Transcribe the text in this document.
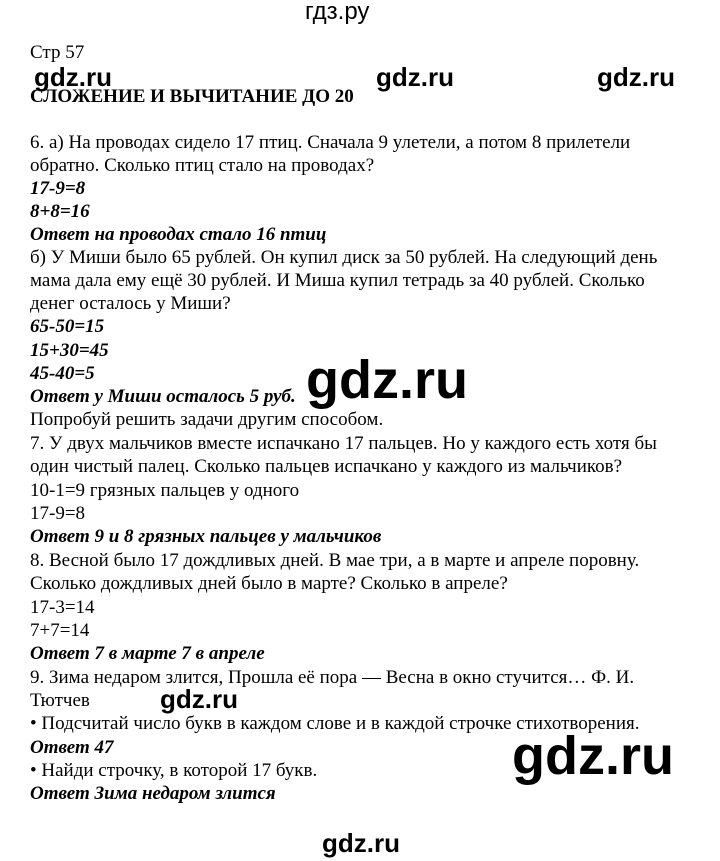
гдз.ру
Стр 57
gdz.ru	gdz.ru	gdz.ru
СЛОЖЕНИЕ И ВЫЧИТАНИЕ ДО 20
6. а) На проводах сидело 17 птиц. Сначала 9 улетели, а потом 8 прилетели
обратно. Сколько птиц стало на проводах?
17-9=8
8+8=16
Ответ на проводах стало 16 птиц
б) У Миши было 65 рублей. Он купил диск за 50 рублей. На следующий день
мама дала ему ещё 30 рублей. И Миша купил тетрадь за 40 рублей. Сколько
денег осталось у Миши?
65-50=15
15+30=45
45-40=5	gdz.ru
Ответ у Миши осталось 5 руб.
Попробуй решить задачи другим способом.
7. У двух мальчиков вместе испачкано 17 пальцев. Но у каждого есть хотя бы
один чистый палец. Сколько пальцев испачкано у каждого из мальчиков?
10-1=9 грязных пальцев у одного
17-9=8
Ответ 9 и 8 грязных пальцев у мальчиков
8. Весной было 17 дождливых дней. В мае три, а в марте и апреле поровну.
Сколько дождливых дней было в марте? Сколько в апреле?
17-3=14
7+7=14
Ответ 7 в марте 7 в апреле
9. Зима недаром злится, Прошла её пора — Весна в окно стучится… Ф. И.
Тютчев	gdz.ru
• Подсчитай число букв в каждом слове и в каждой строчке стихотворения.
Ответ 47	gdz.ru
• Найди строчку, в которой 17 букв.
Ответ Зима недаром злится
gdz.ru
